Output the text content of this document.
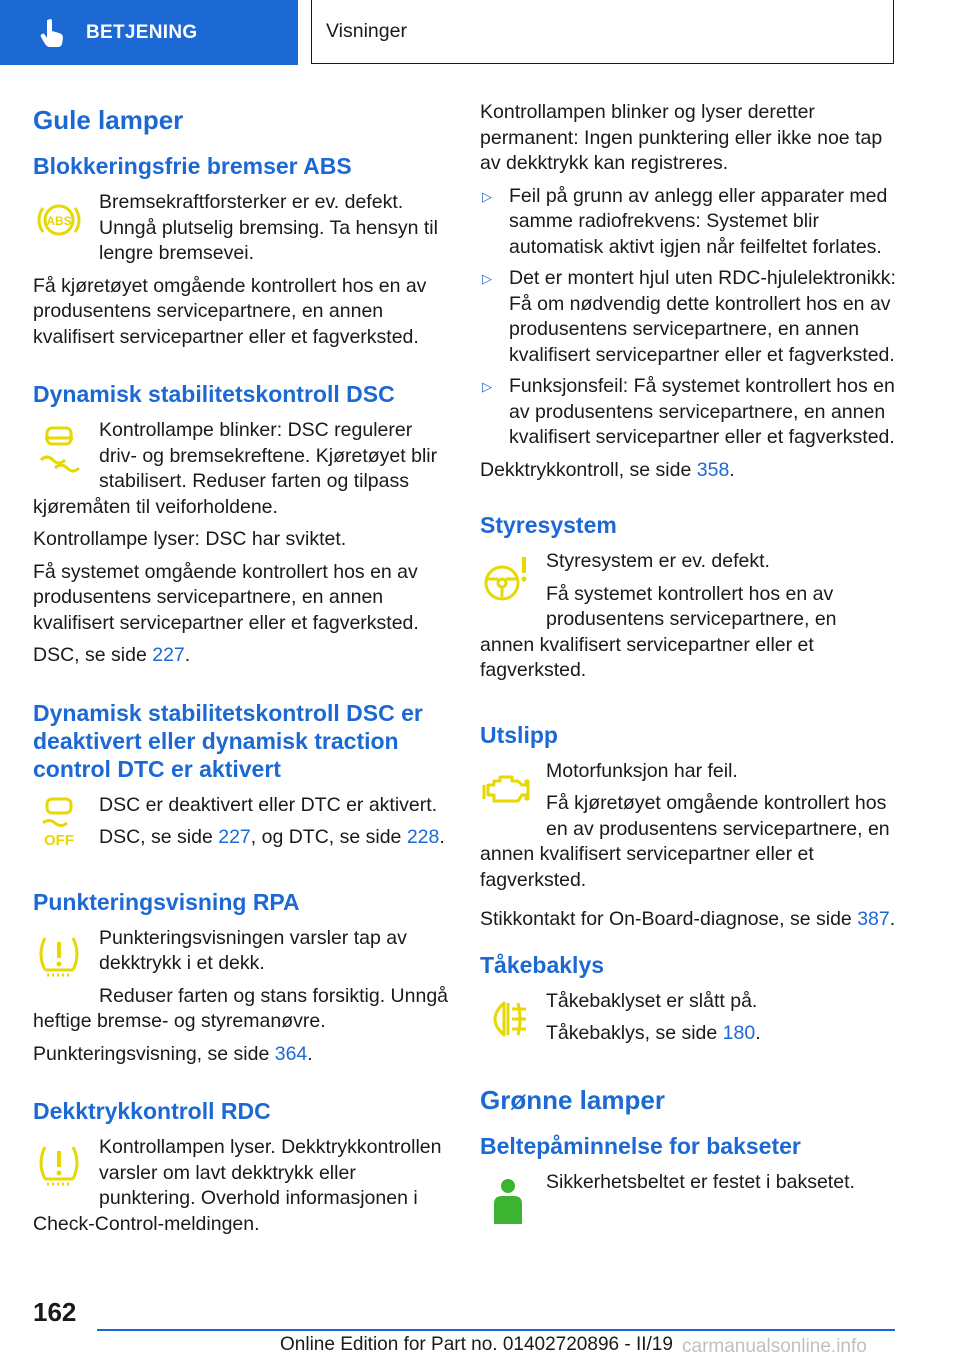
BETJENING	Visninger
Gule lamper
Blokkeringsfrie bremser ABS
ABS

Bremsekraftforsterker er ev. defekt. Unngå plutselig bremsing. Ta hensyn til lengre bremsevei.

Få kjøretøyet omgående kontrollert hos en av produsentens servicepartnere, en annen kvalifisert servicepartner eller et fagverksted.

Dynamisk stabilitetskontroll DSC

Kontrollampe blinker: DSC regulerer driv- og bremsekreftene. Kjøretøyet blir stabilisert. Reduser farten og tilpass kjøremåten til veiforholdene.

Kontrollampe lyser: DSC har sviktet.

Få systemet omgående kontrollert hos en av produsentens servicepartnere, en annen kvalifisert servicepartner eller et fagverksted.

DSC, se side 227.

Dynamisk stabilitetskontroll DSC er deaktivert eller dynamisk traction control DTC er aktivert
OFF

DSC er deaktivert eller DTC er aktivert.

DSC, se side 227, og DTC, se side 228.

Punkteringsvisning RPA

Punkteringsvisningen varsler tap av dekktrykk i et dekk.

Reduser farten og stans forsiktig. Unngå heftige bremse- og styremanøvre.

Punkteringsvisning, se side 364.

Dekktrykkontroll RDC

Kontrollampen lyser. Dekktrykkontrollen varsler om lavt dekktrykk eller punktering. Overhold informasjonen i Check-Control-meldingen.

Kontrollampen blinker og lyser deretter permanent: Ingen punktering eller ikke noe tap av dekktrykk kan registreres.

▷ Feil på grunn av anlegg eller apparater med samme radiofrekvens: Systemet blir automatisk aktivt igjen når feilfeltet forlates.
▷ Det er montert hjul uten RDC-hjulelektronikk: Få om nødvendig dette kontrollert hos en av produsentens servicepartnere, en annen kvalifisert servicepartner eller et fagverksted.
▷ Funksjonsfeil: Få systemet kontrollert hos en av produsentens servicepartnere, en annen kvalifisert servicepartner eller et fagverksted.

Dekktrykkontroll, se side 358.

Styresystem

Styresystem er ev. defekt.

Få systemet kontrollert hos en av produsentens servicepartnere, en annen kvalifisert servicepartner eller et fagverksted.

Utslipp

Motorfunksjon har feil.

Få kjøretøyet omgående kontrollert hos en av produsentens servicepartnere, en annen kvalifisert servicepartner eller et fagverksted.

Stikkontakt for On-Board-diagnose, se side 387.

Tåkebaklys

Tåkebaklyset er slått på.

Tåkebaklys, se side 180.

Grønne lamper
Beltepåminnelse for bakseter

Sikkerhetsbeltet er festet i baksetet.

162
Online Edition for Part no. 01402720896 - II/19 carmanualsonline.info
